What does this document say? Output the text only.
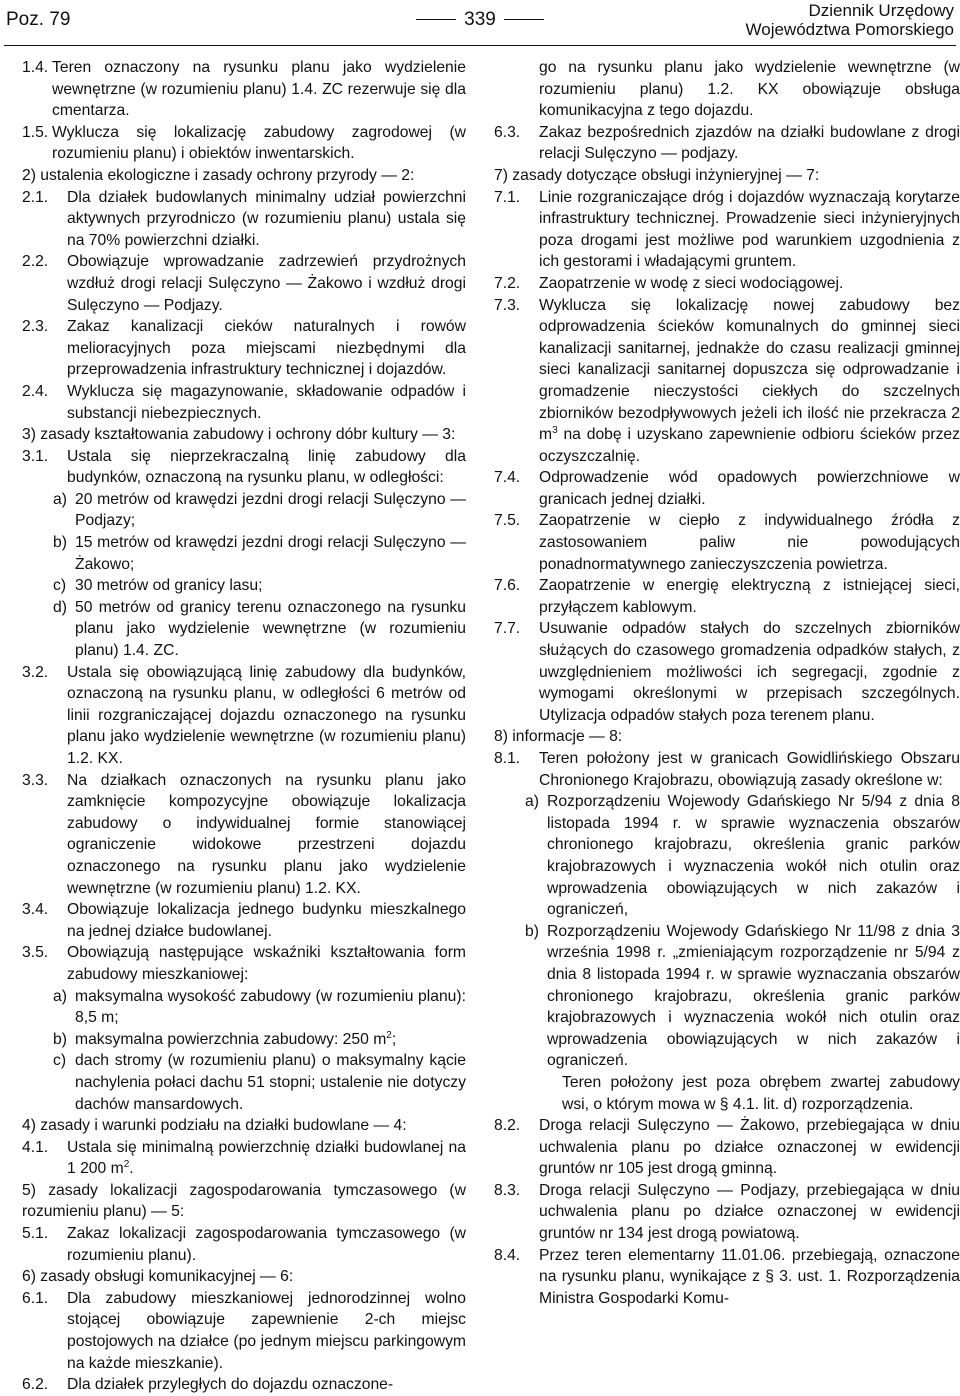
Poz. 79	339	Dziennik Urzędowy
Województwa Pomorskiego
1.4. Teren oznaczony na rysunku planu jako wydzielenie wewnętrzne (w rozumieniu planu) 1.4. ZC rezerwuje się dla cmentarza.
1.5. Wyklucza się lokalizację zabudowy zagrodowej (w rozumieniu planu) i obiektów inwentarskich.
2) ustalenia ekologiczne i zasady ochrony przyrody — 2:
2.1. Dla działek budowlanych minimalny udział powierzchni aktywnych przyrodniczo (w rozumieniu planu) ustala się na 70% powierzchni działki.
2.2. Obowiązuje wprowadzanie zadrzewień przydrożnych wzdłuż drogi relacji Sulęczyno — Żakowo i wzdłuż drogi Sulęczyno — Podjazy.
2.3. Zakaz kanalizacji cieków naturalnych i rowów melioracyjnych poza miejscami niezbędnymi dla przeprowadzenia infrastruktury technicznej i dojazdów.
2.4. Wyklucza się magazynowanie, składowanie odpadów i substancji niebezpiecznych.
3) zasady kształtowania zabudowy i ochrony dóbr kultury — 3:
3.1. Ustala się nieprzekraczalną linię zabudowy dla budynków, oznaczoną na rysunku planu, w odległości:
a) 20 metrów od krawędzi jezdni drogi relacji Sulęczyno — Podjazy;
b) 15 metrów od krawędzi jezdni drogi relacji Sulęczyno — Żakowo;
c) 30 metrów od granicy lasu;
d) 50 metrów od granicy terenu oznaczonego na rysunku planu jako wydzielenie wewnętrzne (w rozumieniu planu) 1.4. ZC.
3.2. Ustala się obowiązującą linię zabudowy dla budynków, oznaczoną na rysunku planu, w odległości 6 metrów od linii rozgraniczającej dojazdu oznaczonego na rysunku planu jako wydzielenie wewnętrzne (w rozumieniu planu) 1.2. KX.
3.3. Na działkach oznaczonych na rysunku planu jako zamknięcie kompozycyjne obowiązuje lokalizacja zabudowy o indywidualnej formie stanowiącej ograniczenie widokowe przestrzeni dojazdu oznaczonego na rysunku planu jako wydzielenie wewnętrzne (w rozumieniu planu) 1.2. KX.
3.4. Obowiązuje lokalizacja jednego budynku mieszkalnego na jednej działce budowlanej.
3.5. Obowiązują następujące wskaźniki kształtowania form zabudowy mieszkaniowej:
a) maksymalna wysokość zabudowy (w rozumieniu planu): 8,5 m;
b) maksymalna powierzchnia zabudowy: 250 $m^2$;
c) dach stromy (w rozumieniu planu) o maksymalny kącie nachylenia połaci dachu 51 stopni; ustalenie nie dotyczy dachów mansardowych.
4) zasady i warunki podziału na działki budowlane — 4:
4.1. Ustala się minimalną powierzchnię działki budowlanej na 1 200 $m^2$.
5) zasady lokalizacji zagospodarowania tymczasowego (w rozumieniu planu) — 5:
5.1. Zakaz lokalizacji zagospodarowania tymczasowego (w rozumieniu planu).
6) zasady obsługi komunikacyjnej — 6:
6.1. Dla zabudowy mieszkaniowej jednorodzinnej wolno stojącej obowiązuje zapewnienie 2-ch miejsc postojowych na działce (po jednym miejscu parkingowym na każde mieszkanie).
6.2. Dla działek przyległych do dojazdu oznaczone-
go na rysunku planu jako wydzielenie wewnętrzne (w rozumieniu planu) 1.2. KX obowiązuje obsługa komunikacyjna z tego dojazdu.
6.3. Zakaz bezpośrednich zjazdów na działki budowlane z drogi relacji Sulęczyno — podjazy.
7) zasady dotyczące obsługi inżynieryjnej — 7:
7.1. Linie rozgraniczające dróg i dojazdów wyznaczają korytarze infrastruktury technicznej. Prowadzenie sieci inżynieryjnych poza drogami jest możliwe pod warunkiem uzgodnienia z ich gestorami i władającymi gruntem.
7.2. Zaopatrzenie w wodę z sieci wodociągowej.
7.3. Wyklucza się lokalizację nowej zabudowy bez odprowadzenia ścieków komunalnych do gminnej sieci kanalizacji sanitarnej, jednakże do czasu realizacji gminnej sieci kanalizacji sanitarnej dopuszcza się odprowadzanie i gromadzenie nieczystości ciekłych do szczelnych zbiorników bezodpływowych jeżeli ich ilość nie przekracza 2 $m^3$ na dobę i uzyskano zapewnienie odbioru ścieków przez oczyszczalnię.
7.4. Odprowadzenie wód opadowych powierzchniowe w granicach jednej działki.
7.5. Zaopatrzenie w ciepło z indywidualnego źródła z zastosowaniem paliw nie powodujących ponadnormatywnego zanieczyszczenia powietrza.
7.6. Zaopatrzenie w energię elektryczną z istniejącej sieci, przyłączem kablowym.
7.7. Usuwanie odpadów stałych do szczelnych zbiorników służących do czasowego gromadzenia odpadków stałych, z uwzględnieniem możliwości ich segregacji, zgodnie z wymogami określonymi w przepisach szczególnych. Utylizacja odpadów stałych poza terenem planu.
8) informacje — 8:
8.1. Teren położony jest w granicach Gowidlińskiego Obszaru Chronionego Krajobrazu, obowiązują zasady określone w:
a) Rozporządzeniu Wojewody Gdańskiego Nr 5/94 z dnia 8 listopada 1994 r. w sprawie wyznaczenia obszarów chronionego krajobrazu, określenia granic parków krajobrazowych i wyznaczenia wokół nich otulin oraz wprowadzenia obowiązujących w nich zakazów i ograniczeń,
b) Rozporządzeniu Wojewody Gdańskiego Nr 11/98 z dnia 3 września 1998 r. „zmieniającym rozporządzenie nr 5/94 z dnia 8 listopada 1994 r. w sprawie wyznaczania obszarów chronionego krajobrazu, określenia granic parków krajobrazowych i wyznaczenia wokół nich otulin oraz wprowadzenia obowiązujących w nich zakazów i ograniczeń.
Teren położony jest poza obrębem zwartej zabudowy wsi, o którym mowa w § 4.1. lit. d) rozporządzenia.
8.2. Droga relacji Sulęczyno — Żakowo, przebiegająca w dniu uchwalenia planu po działce oznaczonej w ewidencji gruntów nr 105 jest drogą gminną.
8.3. Droga relacji Sulęczyno — Podjazy, przebiegająca w dniu uchwalenia planu po działce oznaczonej w ewidencji gruntów nr 134 jest drogą powiatową.
8.4. Przez teren elementarny 11.01.06. przebiegają, oznaczone na rysunku planu, wynikające z § 3. ust. 1. Rozporządzenia Ministra Gospodarki Komu-
